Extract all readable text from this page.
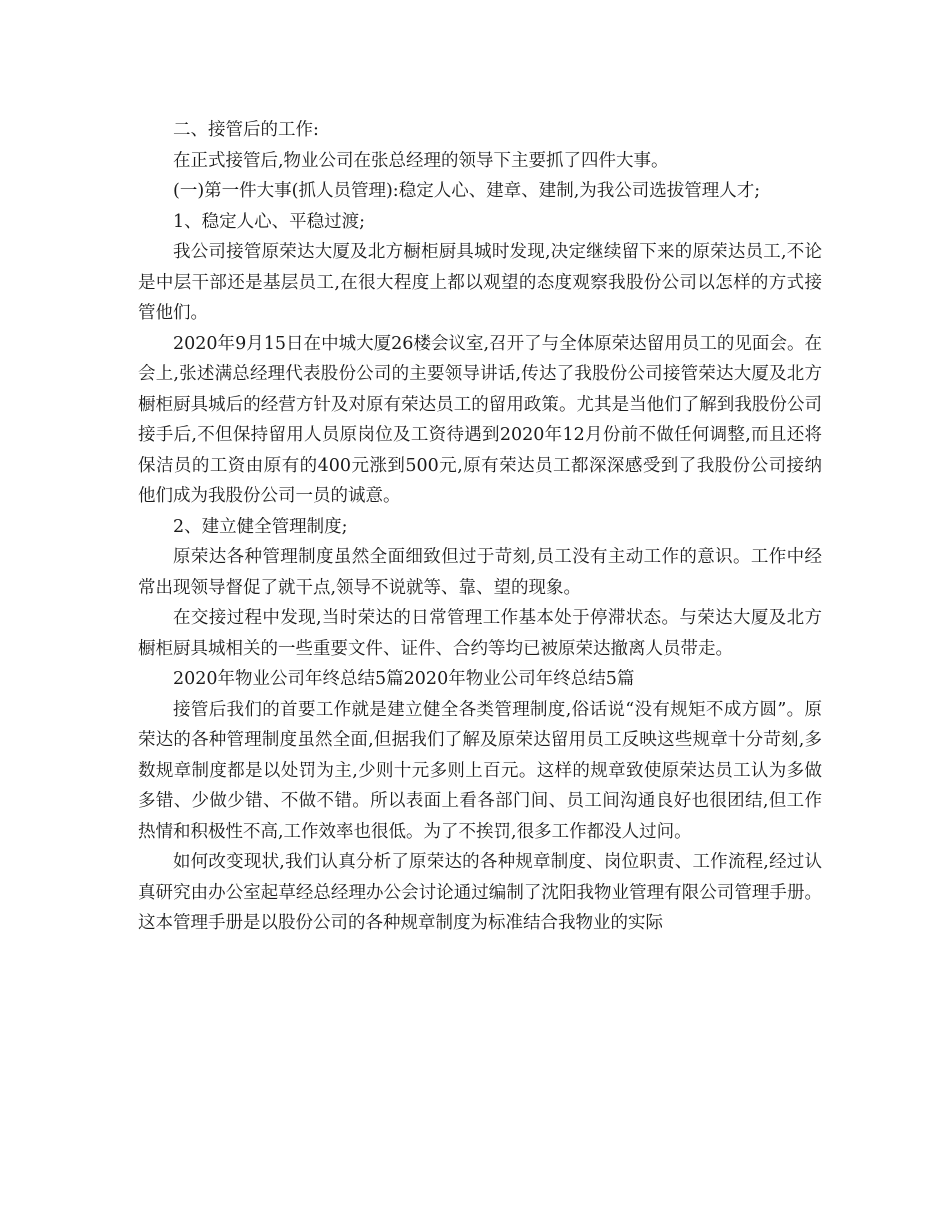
二、接管后的工作:

在正式接管后,物业公司在张总经理的领导下主要抓了四件大事。

(一)第一件大事(抓人员管理):稳定人心、建章、建制,为我公司选拔管理人才;

1、稳定人心、平稳过渡;

我公司接管原荣达大厦及北方橱柜厨具城时发现,决定继续留下来的原荣达员工,不论是中层干部还是基层员工,在很大程度上都以观望的态度观察我股份公司以怎样的方式接管他们。

2020年9月15日在中城大厦26楼会议室,召开了与全体原荣达留用员工的见面会。在会上,张述满总经理代表股份公司的主要领导讲话,传达了我股份公司接管荣达大厦及北方橱柜厨具城后的经营方针及对原有荣达员工的留用政策。尤其是当他们了解到我股份公司接手后,不但保持留用人员原岗位及工资待遇到2020年12月份前不做任何调整,而且还将保洁员的工资由原有的400元涨到500元,原有荣达员工都深深感受到了我股份公司接纳他们成为我股份公司一员的诚意。

2、建立健全管理制度;

原荣达各种管理制度虽然全面细致但过于苛刻,员工没有主动工作的意识。工作中经常出现领导督促了就干点,领导不说就等、靠、望的现象。

在交接过程中发现,当时荣达的日常管理工作基本处于停滞状态。与荣达大厦及北方橱柜厨具城相关的一些重要文件、证件、合约等均已被原荣达撤离人员带走。

2020年物业公司年终总结5篇2020年物业公司年终总结5篇

接管后我们的首要工作就是建立健全各类管理制度,俗话说“没有规矩不成方圆”。原荣达的各种管理制度虽然全面,但据我们了解及原荣达留用员工反映这些规章十分苛刻,多数规章制度都是以处罚为主,少则十元多则上百元。这样的规章致使原荣达员工认为多做多错、少做少错、不做不错。所以表面上看各部门间、员工间沟通良好也很团结,但工作热情和积极性不高,工作效率也很低。为了不挨罚,很多工作都没人过问。

如何改变现状,我们认真分析了原荣达的各种规章制度、岗位职责、工作流程,经过认真研究由办公室起草经总经理办公会讨论通过编制了沈阳我物业管理有限公司管理手册。这本管理手册是以股份公司的各种规章制度为标准结合我物业的实际
